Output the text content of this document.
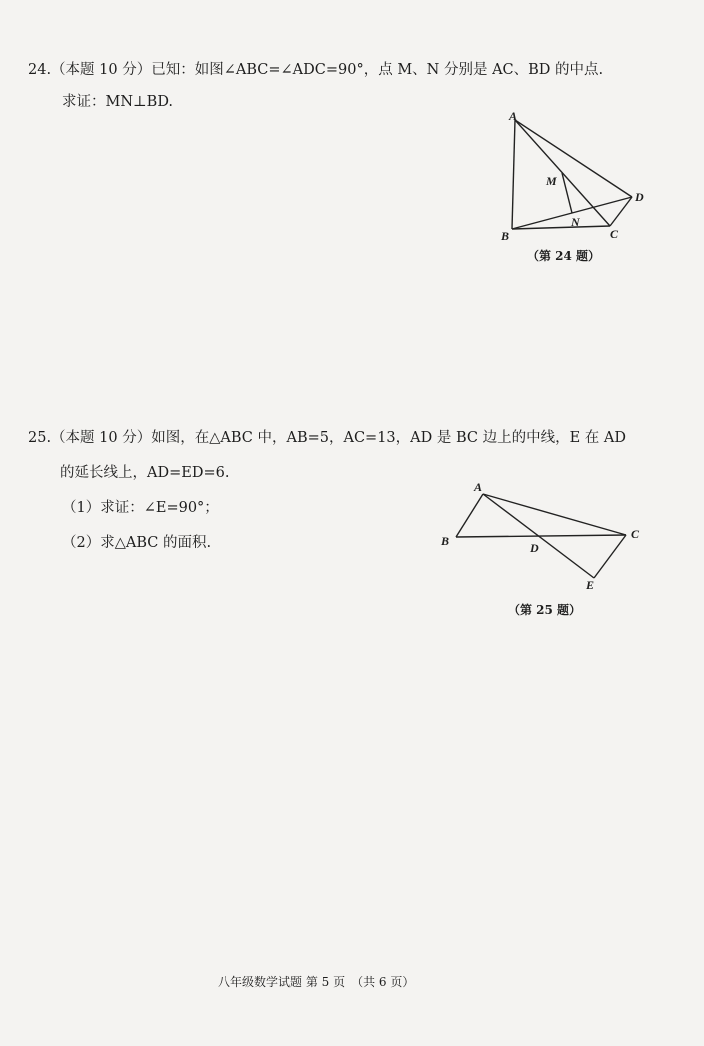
24.（本题 10 分）已知：如图∠ABC=∠ADC=90°，点 M、N 分别是 AC、BD 的中点.
求证：MN⊥BD.
A
B	C
D
M
N
（第 24 题）
25.（本题 10 分）如图，在△ABC 中，AB=5，AC=13，AD 是 BC 边上的中线，E 在 AD
的延长线上，AD=ED=6.
（1）求证：∠E=90°；
（2）求△ABC 的面积.
A
B	C
D
E
（第 25 题）
八年级数学试题 第 5 页　（共 6 页）
